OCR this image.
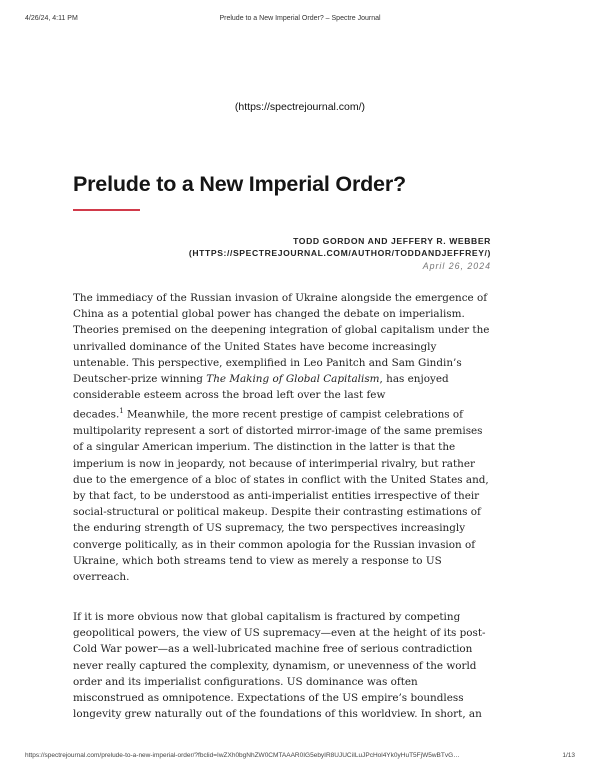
4/26/24, 4:11 PM	Prelude to a New Imperial Order? – Spectre Journal
(https://spectrejournal.com/)
Prelude to a New Imperial Order?
TODD GORDON AND JEFFERY R. WEBBER
(HTTPS://SPECTREJOURNAL.COM/AUTHOR/TODDANDJEFFREY/)
April 26, 2024

The immediacy of the Russian invasion of Ukraine alongside the emergence of
China as a potential global power has changed the debate on imperialism.
Theories premised on the deepening integration of global capitalism under the
unrivalled dominance of the United States have become increasingly
untenable. This perspective, exemplified in Leo Panitch and Sam Gindin’s
Deutscher-prize winning The Making of Global Capitalism, has enjoyed
considerable esteem across the broad left over the last few
decades.$^1$ Meanwhile, the more recent prestige of campist celebrations of
multipolarity represent a sort of distorted mirror-image of the same premises
of a singular American imperium. The distinction in the latter is that the
imperium is now in jeopardy, not because of interimperial rivalry, but rather
due to the emergence of a bloc of states in conflict with the United States and,
by that fact, to be understood as anti-imperialist entities irrespective of their
social-structural or political makeup. Despite their contrasting estimations of
the enduring strength of US supremacy, the two perspectives increasingly
converge politically, as in their common apologia for the Russian invasion of
Ukraine, which both streams tend to view as merely a response to US
overreach.

If it is more obvious now that global capitalism is fractured by competing
geopolitical powers, the view of US supremacy—even at the height of its post-
Cold War power—as a well-lubricated machine free of serious contradiction
never really captured the complexity, dynamism, or unevenness of the world
order and its imperialist configurations. US dominance was often
misconstrued as omnipotence. Expectations of the US empire’s boundless
longevity grew naturally out of the foundations of this worldview. In short, an

https://spectrejournal.com/prelude-to-a-new-imperial-order/?fbclid=IwZXh0bgNhZW0CMTAAAR0IG5ebyIR8UJUCiILuJPcHol4Yk0yHuT5FjW5wBTvG…	1/13
